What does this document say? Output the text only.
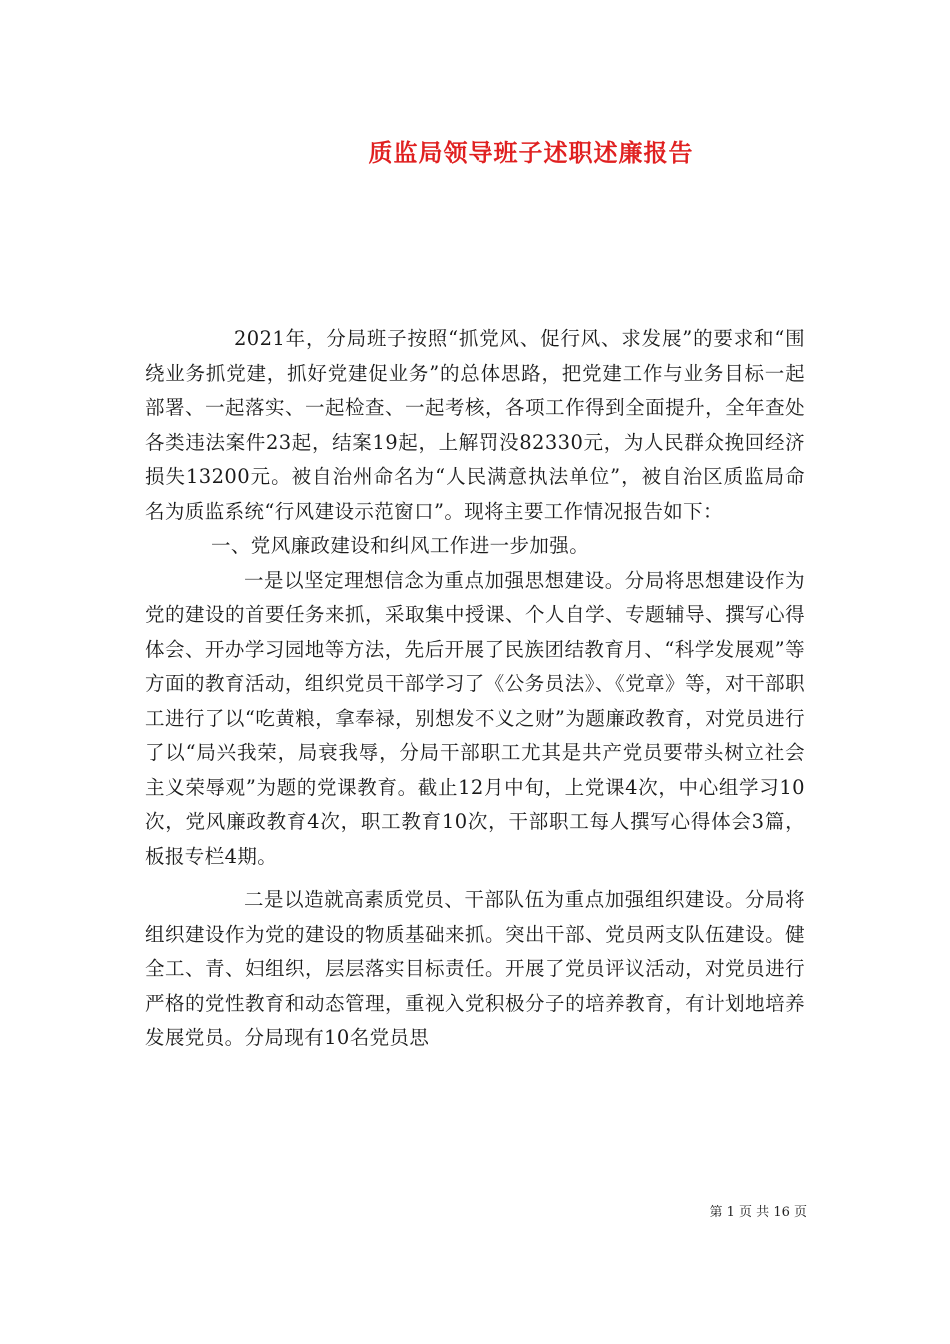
质监局领导班子述职述廉报告

2021年，分局班子按照“抓党风、促行风、求发展”的要求和“围绕业务抓党建，抓好党建促业务”的总体思路，把党建工作与业务目标一起部署、一起落实、一起检查、一起考核，各项工作得到全面提升，全年查处各类违法案件23起，结案19起，上解罚没82330元，为人民群众挽回经济损失13200元。被自治州命名为“人民满意执法单位”，被自治区质监局命名为质监系统“行风建设示范窗口”。现将主要工作情况报告如下：

一、党风廉政建设和纠风工作进一步加强。

一是以坚定理想信念为重点加强思想建设。分局将思想建设作为党的建设的首要任务来抓，采取集中授课、个人自学、专题辅导、撰写心得体会、开办学习园地等方法，先后开展了民族团结教育月、“科学发展观”等方面的教育活动，组织党员干部学习了《公务员法》、《党章》等，对干部职工进行了以“吃黄粮，拿奉禄，别想发不义之财”为题廉政教育，对党员进行了以“局兴我荣，局衰我辱，分局干部职工尤其是共产党员要带头树立社会主义荣辱观”为题的党课教育。截止12月中旬，上党课4次，中心组学习10次，党风廉政教育4次，职工教育10次，干部职工每人撰写心得体会3篇，板报专栏4期。

二是以造就高素质党员、干部队伍为重点加强组织建设。分局将组织建设作为党的建设的物质基础来抓。突出干部、党员两支队伍建设。健全工、青、妇组织，层层落实目标责任。开展了党员评议活动，对党员进行严格的党性教育和动态管理，重视入党积极分子的培养教育，有计划地培养发展党员。分局现有10名党员思

第 1 页 共 16 页
